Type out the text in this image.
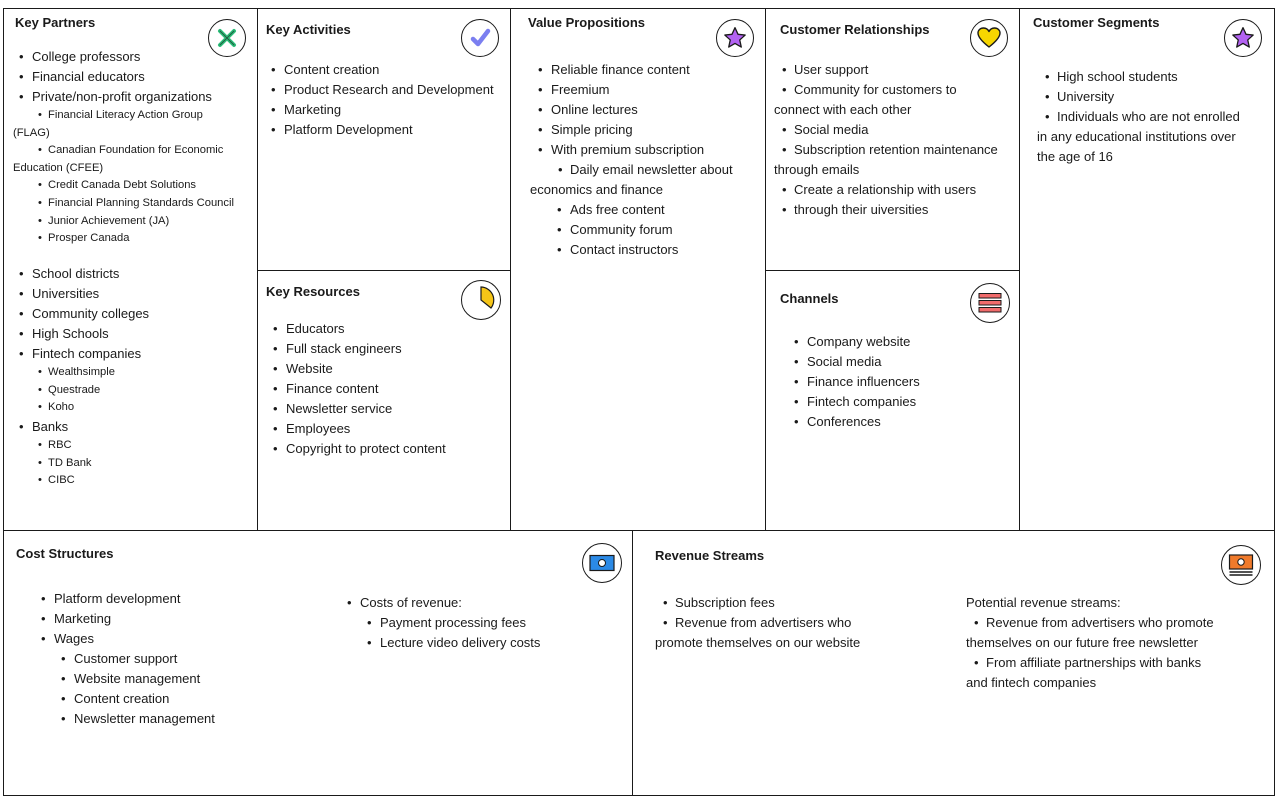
Key Partners
• College professors
• Financial educators
• Private/non-profit organizations
• Financial Literacy Action Group
(FLAG)
• Canadian Foundation for Economic
Education (CFEE)
• Credit Canada Debt Solutions
• Financial Planning Standards Council
• Junior Achievement (JA)
• Prosper Canada
• School districts
• Universities
• Community colleges
• High Schools
• Fintech companies
• Wealthsimple
• Questrade
• Koho
• Banks
• RBC
• TD Bank
• CIBC
Key Activities
• Content creation
• Product Research and Development
• Marketing
• Platform Development
Key Resources
• Educators
• Full stack engineers
• Website
• Finance content
• Newsletter service
• Employees
• Copyright to protect content
Value Propositions
• Reliable finance content
• Freemium
• Online lectures
• Simple pricing
• With premium subscription
• Daily email newsletter about
economics and finance
• Ads free content
• Community forum
• Contact instructors
Customer Relationships
• User support
• Community for customers to
connect with each other
• Social media
• Subscription retention maintenance
through emails
• Create a relationship with users
• through their uiversities
Channels
• Company website
• Social media
• Finance influencers
• Fintech companies
• Conferences
Customer Segments
• High school students
• University
• Individuals who are not enrolled
in any educational institutions over
the age of 16
Cost Structures
• Platform development
• Marketing
• Wages
• Customer support
• Website management
• Content creation
• Newsletter management
• Costs of revenue:
• Payment processing fees
• Lecture video delivery costs
Revenue Streams
• Subscription fees
• Revenue from advertisers who
promote themselves on our website
Potential revenue streams:
• Revenue from advertisers who promote
themselves on our future free newsletter
• From affiliate partnerships with banks
and fintech companies
